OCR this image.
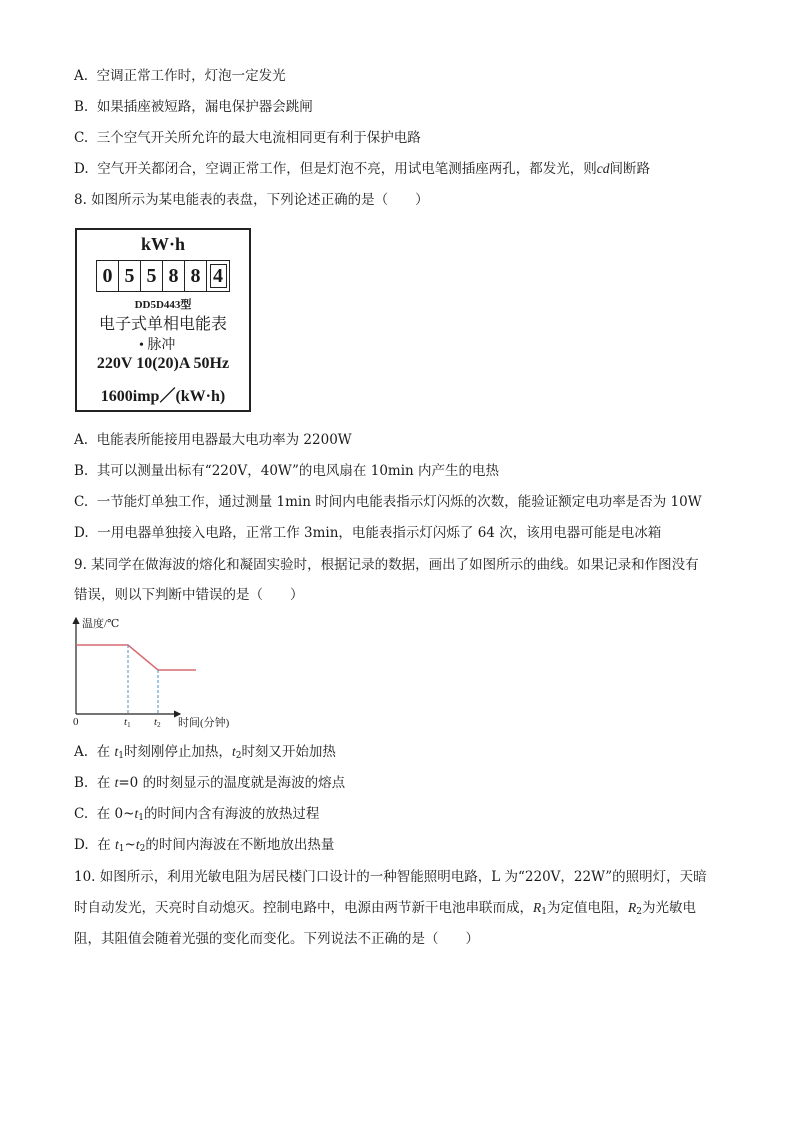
A. 空调正常工作时，灯泡一定发光
B. 如果插座被短路，漏电保护器会跳闸
C. 三个空气开关所允许的最大电流相同更有利于保护电路
D. 空气开关都闭合，空调正常工作，但是灯泡不亮，用试电笔测插座两孔，都发光，则cd间断路
8. 如图所示为某电能表的表盘，下列论述正确的是（　　）
kW·h
0 5 5 8 8 4
DD5D443型
电子式单相电能表
• 脉冲
220V 10(20)A 50Hz
1600imp／(kW·h)
A. 电能表所能接用电器最大电功率为 2200W
B. 其可以测量出标有“220V，40W”的电风扇在 10min 内产生的电热
C. 一节能灯单独工作，通过测量 1min 时间内电能表指示灯闪烁的次数，能验证额定电功率是否为 10W
D. 一用电器单独接入电路，正常工作 3min，电能表指示灯闪烁了 64 次，该用电器可能是电冰箱
9. 某同学在做海波的熔化和凝固实验时，根据记录的数据，画出了如图所示的曲线。如果记录和作图没有
错误，则以下判断中错误的是（　　）
温度/℃
时间(分钟)
0	t1 t2
A. 在 $t_1$时刻刚停止加热，$t_2$时刻又开始加热
B. 在 t=0 的时刻显示的温度就是海波的熔点
C. 在 $0\sim t_1$的时间内含有海波的放热过程
D. 在 $t_1\sim t_2$的时间内海波在不断地放出热量
10. 如图所示，利用光敏电阻为居民楼门口设计的一种智能照明电路，L 为“220V，22W”的照明灯，天暗
时自动发光，天亮时自动熄灭。控制电路中，电源由两节新干电池串联而成，$R_1$为定值电阻，$R_2$为光敏电
阻，其阻值会随着光强的变化而变化。下列说法不正确的是（　　）
